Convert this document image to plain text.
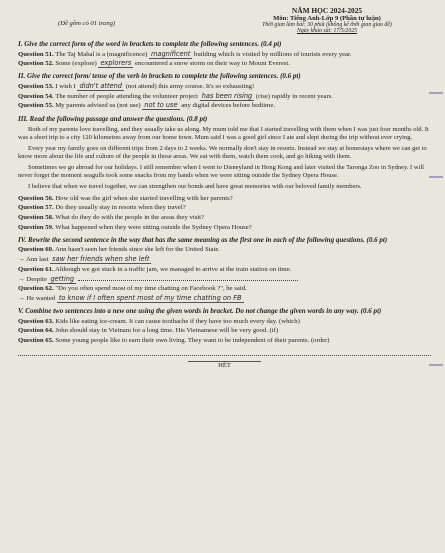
(Đề gồm có 01 trang)
NĂM HỌC 2024-2025
Môn: Tiếng Anh-Lớp 9 (Phần tự luận)
Thời gian làm bài: 30 phút (không kể thời gian giao đề)
Ngày khảo sát: 17/5/2025
I. Give the correct form of the word in brackets to complete the following sentences. (0.4 pt)
Question 51. The Taj Mahal is a (magnificence) magnificent building which is visited by millions of tourists every year.
Question 52. Some (explore) explorers encountered a snow storm on their way to Mount Everest.
II. Give the correct form/ tense of the verb in brackets to complete the following sentences. (0.6 pt)
Question 53. I wish I didn't attend (not attend) this army course. It's so exhausting!
Question 54. The number of people attending the volunteer project has been rising (rise) rapidly in recent years.
Question 55. My parents advised us (not use) not to use any digital devices before bedtime.
III. Read the following passage and answer the questions. (0.8 pt)
Both of my parents love travelling, and they usually take us along. My mum told me that I started travelling with them when I was just four months old. It was a short trip to a city 120 kilometres away from our home town. Mum said I was a good girl since I ate and slept during the trip without ever crying.
Every year my family goes on different trips from 2 days to 2 weeks. We normally don't stay in resorts. Instead we stay at homestays where we can get to know more about the life and culture of the people in those areas. We eat with them, watch them cook, and go hiking with them.
Sometimes we go abroad for our holidays. I still remember when I went to Disneyland in Hong Kong and later visited the Taronga Zoo in Sydney. I will never forget the moment seagulls took some snacks from my hands when we were sitting outside the Sydney Opera House.
I believe that when we travel together, we can strengthen our bonds and have great memories with our beloved family members.
Question 56. How old was the girl when she started travelling with her parents?
Question 57. Do they usually stay in resorts when they travel?
Question 58. What do they do with the people in the areas they visit?
Question 59. What happened when they were sitting outside the Sydney Opera House?
IV. Rewrite the second sentence in the way that has the same meaning as the first one in each of the following questions. (0.6 pt)
Question 60. Ann hasn't seen her friends since she left for the United State.
→ Ann last saw her friends when she left
Question 61. Although we got stuck in a traffic jam, we managed to arrive at the train station on time.
→ Despite getting
Question 62. "Do you often spend most of my time chatting on Facebook ?", he said.
→ He wanted to know if I often spent most of my time chatting on FB
V. Combine two sentences into a new one using the given words in bracket. Do not change the given words in any way. (0.6 pt)
Question 63. Kids like eating ice-cream. It can cause toothache if they have too much every day. (which)
Question 64. John should stay in Vietnam for a long time. His Vietnamese will be very good. (if)
Question 65. Some young people like to earn their own living. They want to be independent of their parents. (order)
HẾT
